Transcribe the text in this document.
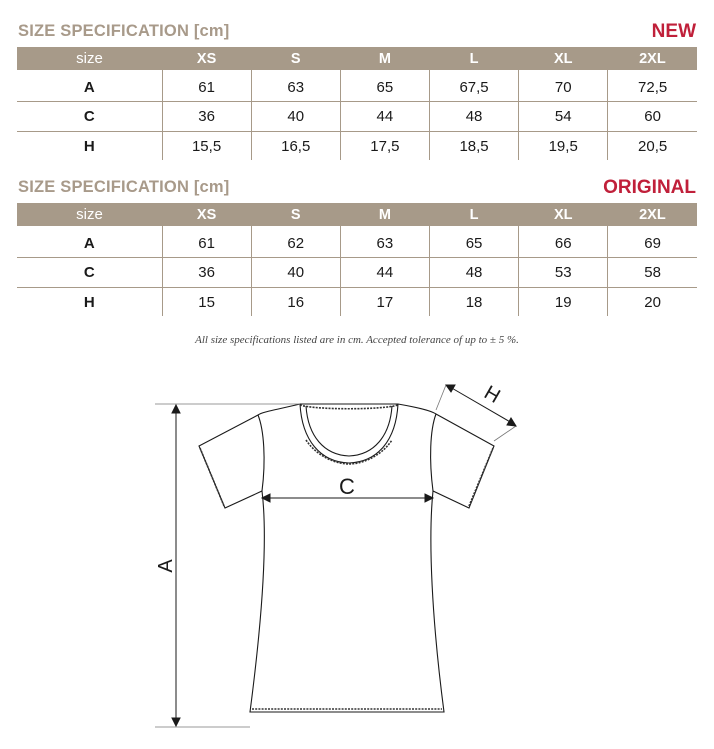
SIZE SPECIFICATION [cm]	NEW
size	XS	S	M	L	XL	2XL
A	61	63	65	67,5	70	72,5
C	36	40	44	48	54	60
H	15,5	16,5	17,5	18,5	19,5	20,5
SIZE SPECIFICATION [cm]	ORIGINAL
size	XS	S	M	L	XL	2XL
A	61	62	63	65	66	69
C	36	40	44	48	53	58
H	15	16	17	18	19	20
All size specifications listed are in cm. Accepted tolerance of up to ± 5 %.
A
C
H
